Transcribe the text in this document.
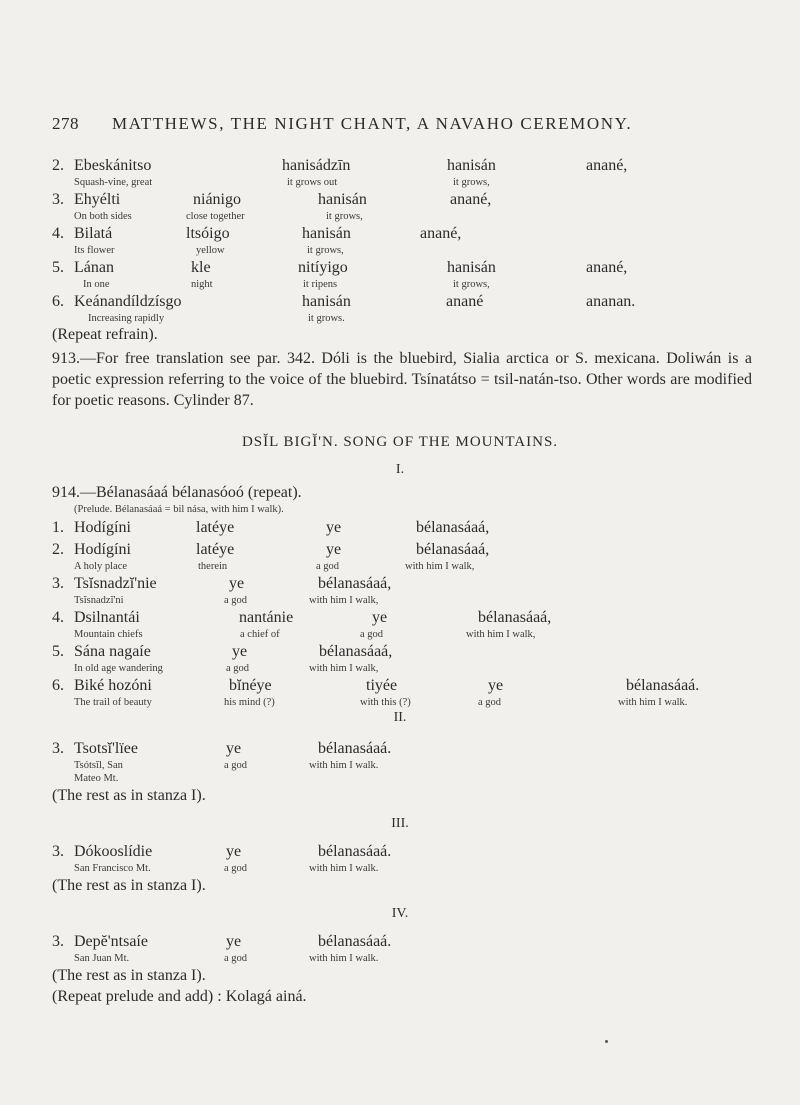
278 MATTHEWS, THE NIGHT CHANT, A NAVAHO CEREMONY.
2. Ebeskánitso	hanisádzīn	hanisán	anané,
Squash-vine, great	it grows out	it grows,
3. Ehyélti	niánigo	hanisán	anané,
On both sides	close together	it grows,
4. Bilatá	ltsóigo	hanisán	anané,
Its flower	yellow	it grows,
5. Lánan	kle	nitíyigo	hanisán	anané,
In one	night	it ripens	it grows,
6. Keánandíldzísgo	hanisán	anané	ananan.
Increasing rapidly	it grows.
(Repeat refrain).

913.—For free translation see par. 342. Dóli is the bluebird, Sialia arctica or S. mexicana. Doliwán is a poetic expression referring to the voice of the bluebird. Tsínatátso = tsil-natán-tso. Other words are modified for poetic reasons. Cylinder 87.

DSĬL BIGĬ'N. SONG OF THE MOUNTAINS.
I.
914.—Bélanasáaá bélanasóoó (repeat).
(Prelude. Bélanasáaá = bil nása, with him I walk).
1. Hodígíni	latéye	ye	bélanasáaá,
2. Hodígíni	latéye	ye	bélanasáaá,
A holy place	therein	a god	with him I walk,
3. Tsĭsnadzĭ'nie	ye	bélanasáaá,
Tsĭsnadzĭ'ni	a god	with him I walk,
4. Dsilnantái	nantánie	ye	bélanasáaá,
Mountain chiefs	a chief of	a god	with him I walk,
5. Sána nagaíe	ye	bélanasáaá,
In old age wandering	a god	with him I walk,
6. Biké hozóni	bĭnéye	tiyée	ye	bélanasáaá.
The trail of beauty	his mind (?)	with this (?)	a god	with him I walk.
II.
3. Tsotsĭ'lïee	ye	bélanasáaá.
Tsótsĭl, San	a god	with him I walk.
Mateo Mt.
(The rest as in stanza I).
III.
3. Dókooslídie	ye	bélanasáaá.
San Francisco Mt.	a god	with him I walk.
(The rest as in stanza I).
IV.
3. Depĕ'ntsaíe	ye	bélanasáaá.
San Juan Mt.	a god	with him I walk.
(The rest as in stanza I).
(Repeat prelude and add) : Kolagá ainá.
